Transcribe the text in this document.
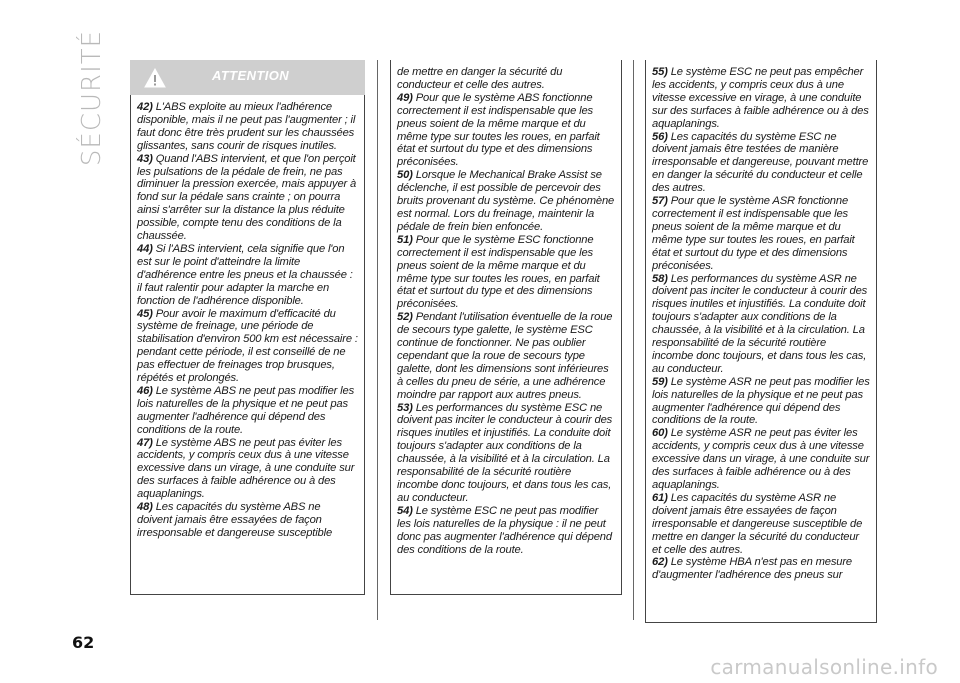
SÉCURITÉ	ATTENTION
42) L'ABS exploite au mieux l'adhérence disponible, mais il ne peut pas l'augmenter ; il faut donc être très prudent sur les chaussées glissantes, sans courir de risques inutiles.
43) Quand l'ABS intervient, et que l'on perçoit les pulsations de la pédale de frein, ne pas diminuer la pression exercée, mais appuyer à fond sur la pédale sans crainte ; on pourra ainsi s'arrêter sur la distance la plus réduite possible, compte tenu des conditions de la chaussée.
44) Si l'ABS intervient, cela signifie que l'on est sur le point d'atteindre la limite d'adhérence entre les pneus et la chaussée : il faut ralentir pour adapter la marche en fonction de l'adhérence disponible.
45) Pour avoir le maximum d'efficacité du système de freinage, une période de stabilisation d'environ 500 km est nécessaire : pendant cette période, il est conseillé de ne pas effectuer de freinages trop brusques, répétés et prolongés.
46) Le système ABS ne peut pas modifier les lois naturelles de la physique et ne peut pas augmenter l'adhérence qui dépend des conditions de la route.
47) Le système ABS ne peut pas éviter les accidents, y compris ceux dus à une vitesse excessive dans un virage, à une conduite sur des surfaces à faible adhérence ou à des aquaplanings.
48) Les capacités du système ABS ne doivent jamais être essayées de façon irresponsable et dangereuse susceptible
de mettre en danger la sécurité du conducteur et celle des autres.
49) Pour que le système ABS fonctionne correctement il est indispensable que les pneus soient de la même marque et du même type sur toutes les roues, en parfait état et surtout du type et des dimensions préconisées.
50) Lorsque le Mechanical Brake Assist se déclenche, il est possible de percevoir des bruits provenant du système. Ce phénomène est normal. Lors du freinage, maintenir la pédale de frein bien enfoncée.
51) Pour que le système ESC fonctionne correctement il est indispensable que les pneus soient de la même marque et du même type sur toutes les roues, en parfait état et surtout du type et des dimensions préconisées.
52) Pendant l'utilisation éventuelle de la roue de secours type galette, le système ESC continue de fonctionner. Ne pas oublier cependant que la roue de secours type galette, dont les dimensions sont inférieures à celles du pneu de série, a une adhérence moindre par rapport aux autres pneus.
53) Les performances du système ESC ne doivent pas inciter le conducteur à courir des risques inutiles et injustifiés. La conduite doit toujours s'adapter aux conditions de la chaussée, à la visibilité et à la circulation. La responsabilité de la sécurité routière incombe donc toujours, et dans tous les cas, au conducteur.
54) Le système ESC ne peut pas modifier les lois naturelles de la physique : il ne peut donc pas augmenter l'adhérence qui dépend des conditions de la route.
55) Le système ESC ne peut pas empêcher les accidents, y compris ceux dus à une vitesse excessive en virage, à une conduite sur des surfaces à faible adhérence ou à des aquaplanings.
56) Les capacités du système ESC ne doivent jamais être testées de manière irresponsable et dangereuse, pouvant mettre en danger la sécurité du conducteur et celle des autres.
57) Pour que le système ASR fonctionne correctement il est indispensable que les pneus soient de la même marque et du même type sur toutes les roues, en parfait état et surtout du type et des dimensions préconisées.
58) Les performances du système ASR ne doivent pas inciter le conducteur à courir des risques inutiles et injustifiés. La conduite doit toujours s'adapter aux conditions de la chaussée, à la visibilité et à la circulation. La responsabilité de la sécurité routière incombe donc toujours, et dans tous les cas, au conducteur.
59) Le système ASR ne peut pas modifier les lois naturelles de la physique et ne peut pas augmenter l'adhérence qui dépend des conditions de la route.
60) Le système ASR ne peut pas éviter les accidents, y compris ceux dus à une vitesse excessive dans un virage, à une conduite sur des surfaces à faible adhérence ou à des aquaplanings.
61) Les capacités du système ASR ne doivent jamais être essayées de façon irresponsable et dangereuse susceptible de mettre en danger la sécurité du conducteur et celle des autres.
62) Le système HBA n'est pas en mesure d'augmenter l'adhérence des pneus sur
62
carmanualsonline.info
